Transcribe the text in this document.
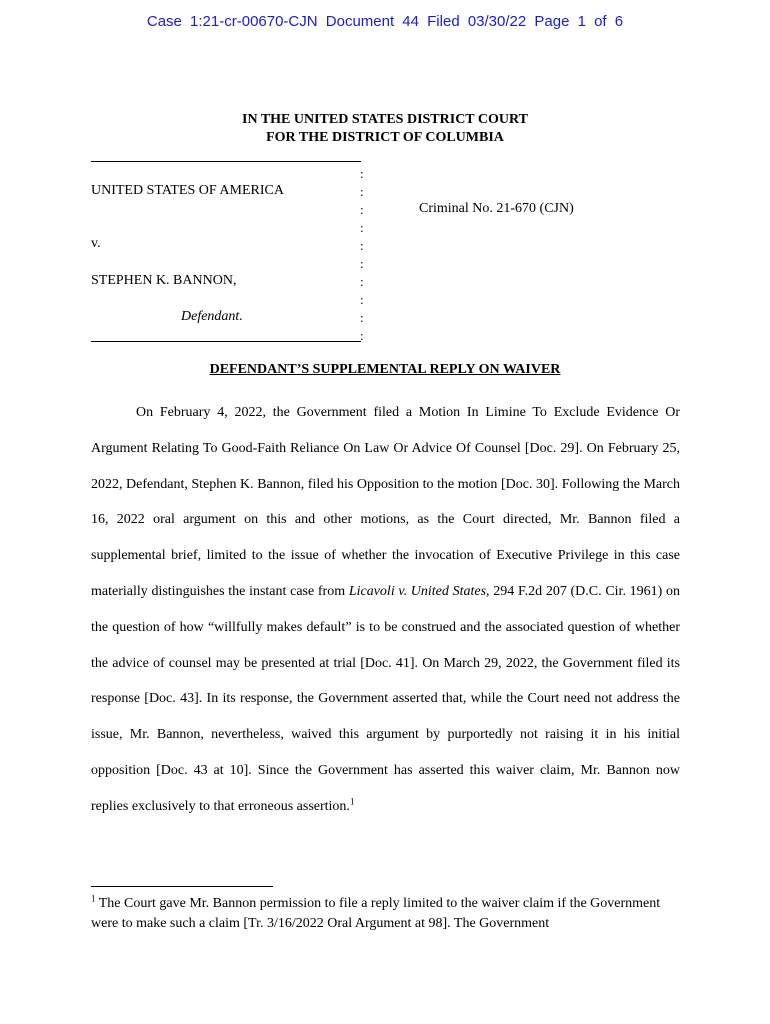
Case 1:21-cr-00670-CJN Document 44 Filed 03/30/22 Page 1 of 6
IN THE UNITED STATES DISTRICT COURT
FOR THE DISTRICT OF COLUMBIA
UNITED STATES OF AMERICA
v.
STEPHEN K. BANNON,
Defendant.
Criminal No. 21-670 (CJN)
:
:
:
:
:
:
:
:
:
:
DEFENDANT’S SUPPLEMENTAL REPLY ON WAIVER

On February 4, 2022, the Government filed a Motion In Limine To Exclude Evidence Or Argument Relating To Good-Faith Reliance On Law Or Advice Of Counsel [Doc. 29]. On February 25, 2022, Defendant, Stephen K. Bannon, filed his Opposition to the motion [Doc. 30]. Following the March 16, 2022 oral argument on this and other motions, as the Court directed, Mr. Bannon filed a supplemental brief, limited to the issue of whether the invocation of Executive Privilege in this case materially distinguishes the instant case from Licavoli v. United States, 294 F.2d 207 (D.C. Cir. 1961) on the question of how “willfully makes default” is to be construed and the associated question of whether the advice of counsel may be presented at trial [Doc. 41]. On March 29, 2022, the Government filed its response [Doc. 43]. In its response, the Government asserted that, while the Court need not address the issue, Mr. Bannon, nevertheless, waived this argument by purportedly not raising it in his initial opposition [Doc. 43 at 10]. Since the Government has asserted this waiver claim, Mr. Bannon now replies exclusively to that erroneous assertion.$^1$

$^1$ The Court gave Mr. Bannon permission to file a reply limited to the waiver claim if the Government were to make such a claim [Tr. 3/16/2022 Oral Argument at 98]. The Government
